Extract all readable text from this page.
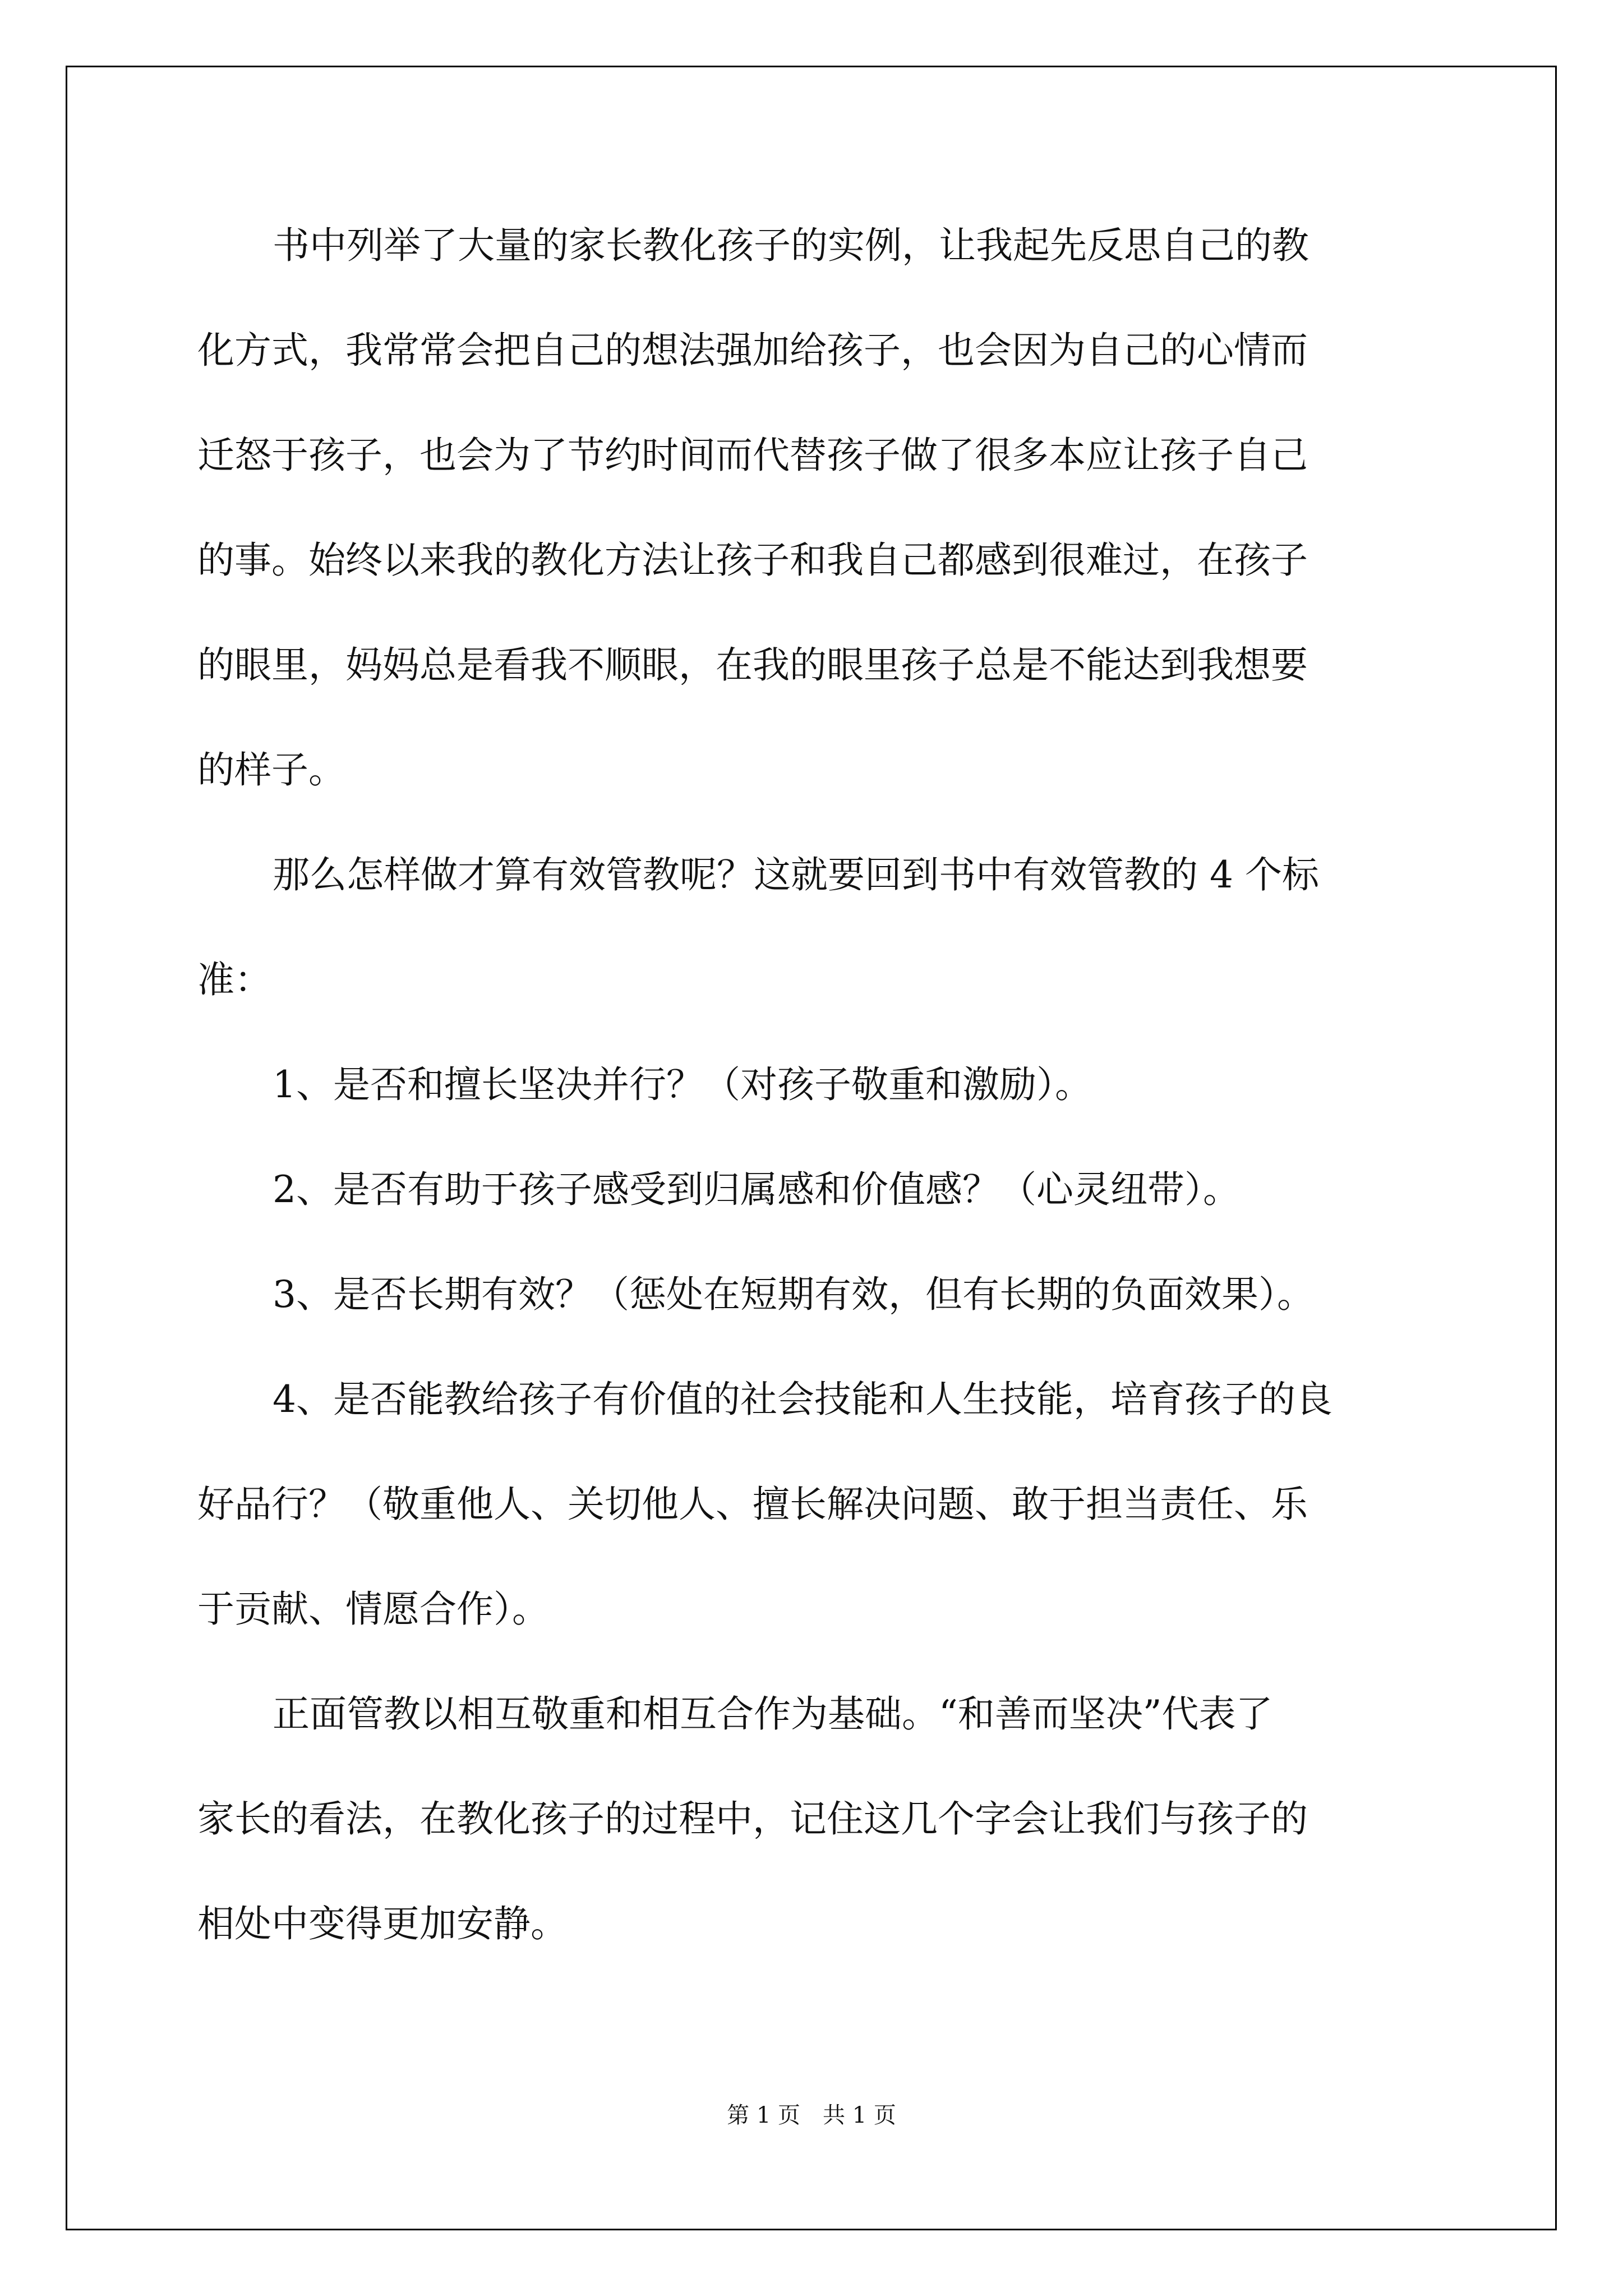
书中列举了大量的家长教化孩子的实例，让我起先反思自己的教
化方式，我常常会把自己的想法强加给孩子，也会因为自己的心情而
迁怒于孩子，也会为了节约时间而代替孩子做了很多本应让孩子自己
的事。始终以来我的教化方法让孩子和我自己都感到很难过，在孩子
的眼里，妈妈总是看我不顺眼，在我的眼里孩子总是不能达到我想要
的样子。
那么怎样做才算有效管教呢？这就要回到书中有效管教的 4 个标
准：
1、是否和擅长坚决并行？（对孩子敬重和激励）。
2、是否有助于孩子感受到归属感和价值感？（心灵纽带）。
3、是否长期有效？（惩处在短期有效，但有长期的负面效果）。
4、是否能教给孩子有价值的社会技能和人生技能，培育孩子的良
好品行？（敬重他人、关切他人、擅长解决问题、敢于担当责任、乐
于贡献、情愿合作）。
正面管教以相互敬重和相互合作为基础。“和善而坚决”代表了
家长的看法，在教化孩子的过程中，记住这几个字会让我们与孩子的
相处中变得更加安静。
第 1 页　共 1 页
